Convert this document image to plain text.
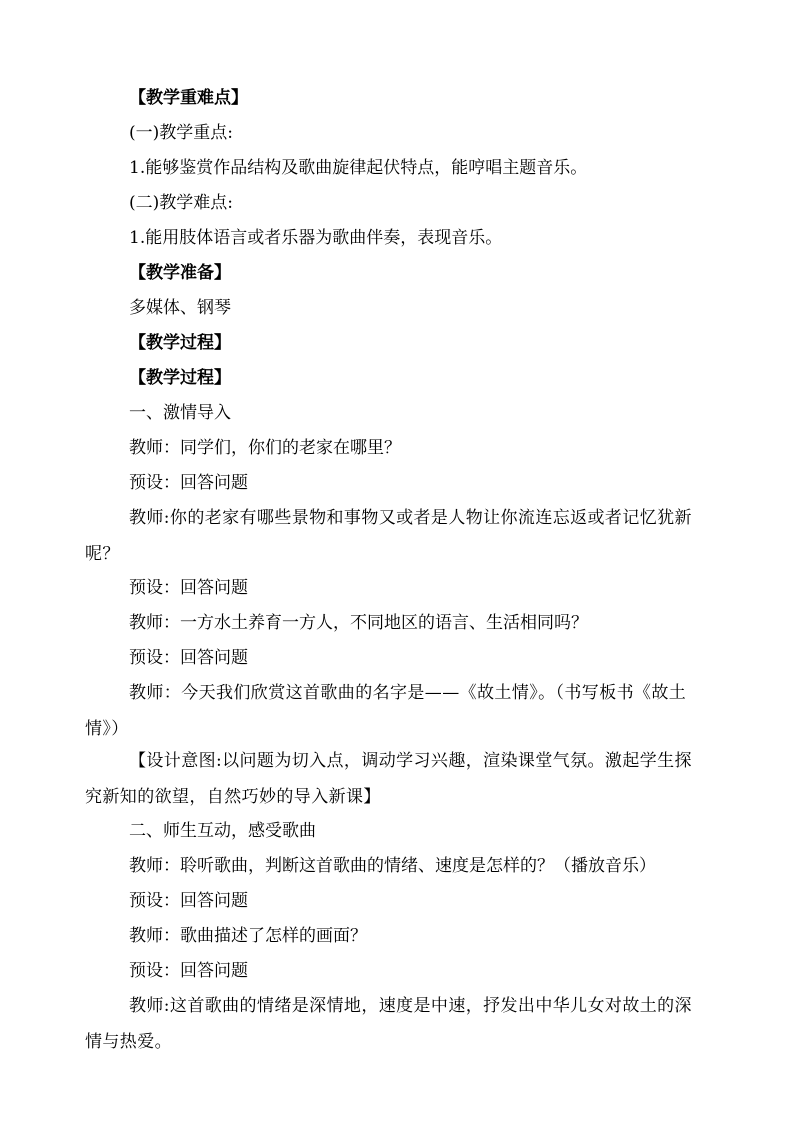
【教学重难点】
(一)教学重点:
1.能够鉴赏作品结构及歌曲旋律起伏特点，能哼唱主题音乐。
(二)教学难点:
1.能用肢体语言或者乐器为歌曲伴奏，表现音乐。
【教学准备】
多媒体、钢琴
【教学过程】
【教学过程】
一、激情导入
教师：同学们，你们的老家在哪里？
预设：回答问题
教师:你的老家有哪些景物和事物又或者是人物让你流连忘返或者记忆犹新呢？
预设：回答问题
教师：一方水土养育一方人，不同地区的语言、生活相同吗？
预设：回答问题
教师：今天我们欣赏这首歌曲的名字是——《故土情》。（书写板书《故土情》）
【设计意图:以问题为切入点，调动学习兴趣，渲染课堂气氛。激起学生探究新知的欲望，自然巧妙的导入新课】
二、师生互动，感受歌曲
教师：聆听歌曲，判断这首歌曲的情绪、速度是怎样的？（播放音乐）
预设：回答问题
教师：歌曲描述了怎样的画面？
预设：回答问题
教师:这首歌曲的情绪是深情地，速度是中速，抒发出中华儿女对故土的深情与热爱。
